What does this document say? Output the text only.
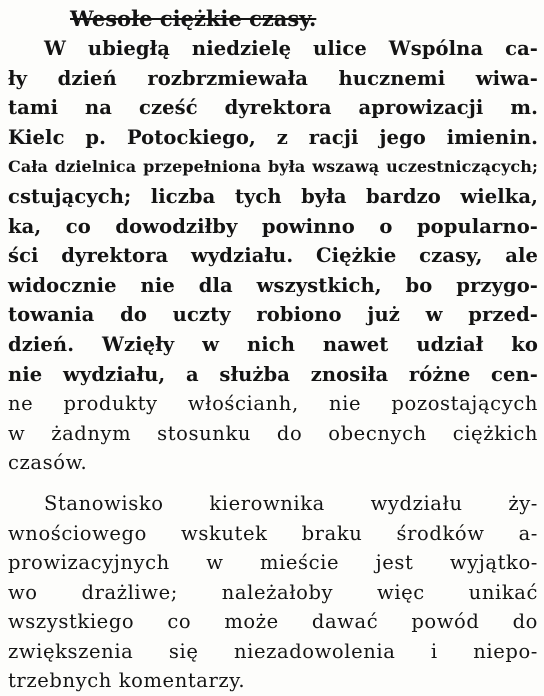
Wesołe ciężkie czasy.
W ubiegłą niedzielę ulice Wspólna ca-
ły dzień rozbrzmiewała hucznemi wiwa-
tami na cześć dyrektora aprowizacji m.
Kielc p. Potockiego, z racji jego imienin.
Cała dzielnica przepełniona była wszawą uczestniczących;
cstujących; liczba tych była bardzo wielka,
ka, co dowodziłby powinno o popularno-
ści dyrektora wydziału. Ciężkie czasy, ale
widocznie nie dla wszystkich, bo przygo-
towania do uczty robiono już w przed-
dzień. Wzięły w nich nawet udział ko
nie wydziału, a służba znosiła różne cen-
ne produkty włościanh, nie pozostających
w żadnym stosunku do obecnych ciężkich
czasów.
Stanowisko kierownika wydziału ży-
wnościowego wskutek braku środków a-
prowizacyjnych w mieście jest wyjątko-
wo drażliwe; należałoby więc unikać
wszystkiego co może dawać powód do
zwiększenia się niezadowolenia i niepo-
trzebnych komentarzy.
